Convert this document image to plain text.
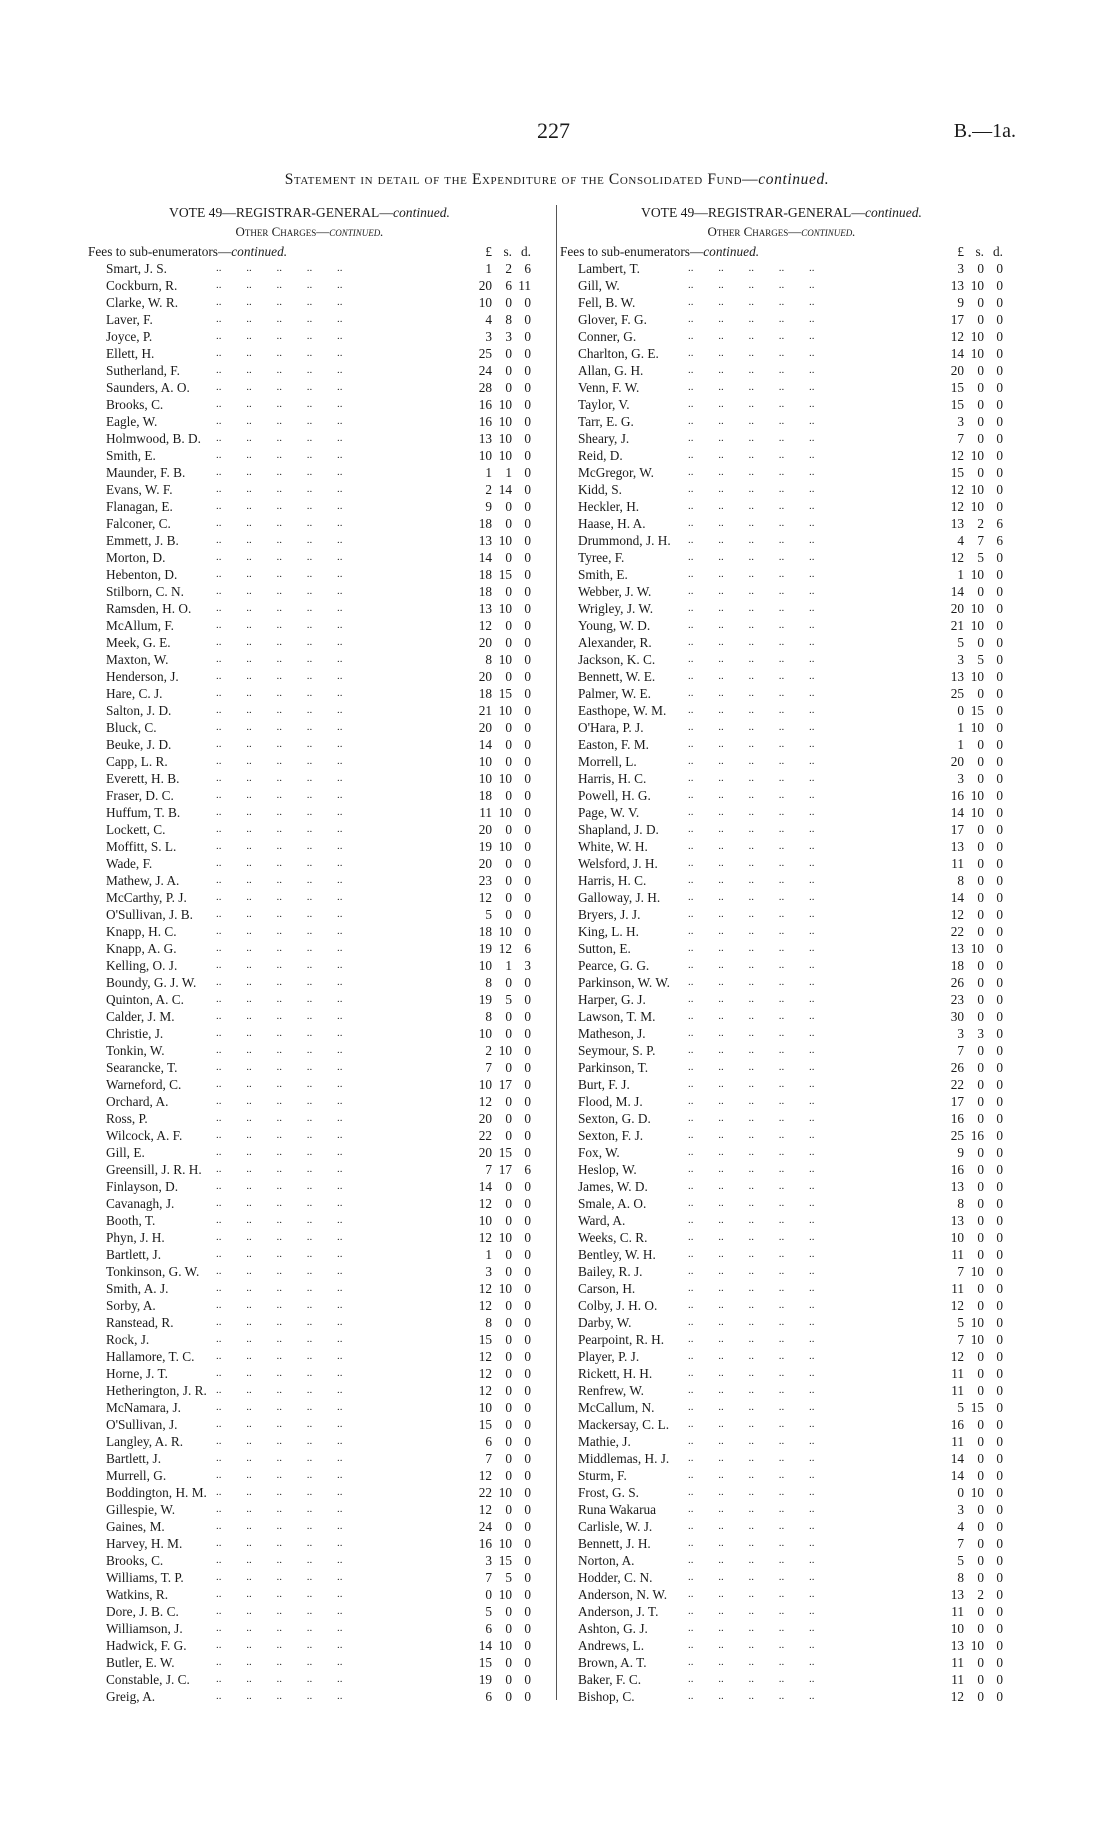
227	B.—1a.
Statement in detail of the Expenditure of the Consolidated Fund—continued.
VOTE 49—REGISTRAR-GENERAL—continued.
Other Charges—continued.
Fees to sub-enumerators—continued.	£ s. d.
Smart, J. S.	..         ..         ..         ..         ..	1	2 6
Cockburn, R.	..         ..         ..         ..         ..	20	6 11
Clarke, W. R.	..         ..         ..         ..         ..	10	0 0
Laver, F.	..         ..         ..         ..         ..	4	8 0
Joyce, P.	..         ..         ..         ..         ..	3	3 0
Ellett, H.	..         ..         ..         ..         ..	25	0 0
Sutherland, F.	..         ..         ..         ..         ..	24	0 0
Saunders, A. O. ..         ..         ..         ..         ..	28	0 0
Brooks, C.	..         ..         ..         ..         ..	16 10 0
Eagle, W.	..         ..         ..         ..         ..	16 10 0
Holmwood, B. D. ..         ..         ..         ..         ..	13 10 0
Smith, E.	..         ..         ..         ..         ..	10 10 0
Maunder, F. B.	..         ..         ..         ..         ..	1	1 0
Evans, W. F.	..         ..         ..         ..         ..	2 14 0
Flanagan, E.	..         ..         ..         ..         ..	9	0 0
Falconer, C.	..         ..         ..         ..         ..	18	0 0
Emmett, J. B.	..         ..         ..         ..         ..	13 10 0
Morton, D.	..         ..         ..         ..         ..	14	0 0
Hebenton, D.	..         ..         ..         ..         ..	18 15 0
Stilborn, C. N.	..         ..         ..         ..         ..	18	0 0
Ramsden, H. O. ..         ..         ..         ..         ..	13 10 0
McAllum, F.	..         ..         ..         ..         ..	12	0 0
Meek, G. E.	..         ..         ..         ..         ..	20	0 0
Maxton, W.	..         ..         ..         ..         ..	8 10 0
Henderson, J.	..         ..         ..         ..         ..	20	0 0
Hare, C. J.	..         ..         ..         ..         ..	18 15 0
Salton, J. D.	..         ..         ..         ..         ..	21 10 0
Bluck, C.	..         ..         ..         ..         ..	20	0 0
Beuke, J. D.	..         ..         ..         ..         ..	14	0 0
Capp, L. R.	..         ..         ..         ..         ..	10	0 0
Everett, H. B.	..         ..         ..         ..         ..	10 10 0
Fraser, D. C.	..         ..         ..         ..         ..	18	0 0
Huffum, T. B.	..         ..         ..         ..         ..	11 10 0
Lockett, C.	..         ..         ..         ..         ..	20	0 0
Moffitt, S. L.	..         ..         ..         ..         ..	19 10 0
Wade, F.	..         ..         ..         ..         ..	20	0 0
Mathew, J. A.	..         ..         ..         ..         ..	23	0 0
McCarthy, P. J.	..         ..         ..         ..         ..	12	0 0
O'Sullivan, J. B. ..         ..         ..         ..         ..	5	0 0
Knapp, H. C.	..         ..         ..         ..         ..	18 10 0
Knapp, A. G.	..         ..         ..         ..         ..	19 12 6
Kelling, O. J.	..         ..         ..         ..         ..	10	1 3
Boundy, G. J. W. ..         ..         ..         ..         ..	8	0 0
Quinton, A. C.	..         ..         ..         ..         ..	19	5 0
Calder, J. M.	..         ..         ..         ..         ..	8	0 0
Christie, J.	..         ..         ..         ..         ..	10	0 0
Tonkin, W.	..         ..         ..         ..         ..	2 10 0
Searancke, T.	..         ..         ..         ..         ..	7	0 0
Warneford, C.	..         ..         ..         ..         ..	10 17 0
Orchard, A.	..         ..         ..         ..         ..	12	0 0
Ross, P.	..         ..         ..         ..         ..	20	0 0
Wilcock, A. F.	..         ..         ..         ..         ..	22	0 0
Gill, E.	..         ..         ..         ..         ..	20 15 0
Greensill, J. R. H. ..         ..         ..         ..         ..	7 17 6
Finlayson, D.	..         ..         ..         ..         ..	14	0 0
Cavanagh, J.	..         ..         ..         ..         ..	12	0 0
Booth, T.	..         ..         ..         ..         ..	10	0 0
Phyn, J. H.	..         ..         ..         ..         ..	12 10 0
Bartlett, J.	..         ..         ..         ..         ..	1	0 0
Tonkinson, G. W. ..         ..         ..         ..         ..	3	0 0
Smith, A. J.	..         ..         ..         ..         ..	12 10 0
Sorby, A.	..         ..         ..         ..         ..	12	0 0
Ranstead, R.	..         ..         ..         ..         ..	8	0 0
Rock, J.	..         ..         ..         ..         ..	15	0 0
Hallamore, T. C. ..         ..         ..         ..         ..	12	0 0
Horne, J. T.	..         ..         ..         ..         ..	12	0 0
Hetherington, J. R. ..         ..         ..         ..         ..	12	0 0
McNamara, J.	..         ..         ..         ..         ..	10	0 0
O'Sullivan, J.	..         ..         ..         ..         ..	15	0 0
Langley, A. R.	..         ..         ..         ..         ..	6	0 0
Bartlett, J.	..         ..         ..         ..         ..	7	0 0
Murrell, G.	..         ..         ..         ..         ..	12	0 0
Boddington, H. M. ..         ..         ..         ..         ..	22 10 0
Gillespie, W.	..         ..         ..         ..         ..	12	0 0
Gaines, M.	..         ..         ..         ..         ..	24	0 0
Harvey, H. M.	..         ..         ..         ..         ..	16 10 0
Brooks, C.	..         ..         ..         ..         ..	3 15 0
Williams, T. P.	..         ..         ..         ..         ..	7	5 0
Watkins, R.	..         ..         ..         ..         ..	0 10 0
Dore, J. B. C.	..         ..         ..         ..         ..	5	0 0
Williamson, J.	..         ..         ..         ..         ..	6	0 0
Hadwick, F. G.	..         ..         ..         ..         ..	14 10 0
Butler, E. W.	..         ..         ..         ..         ..	15	0 0
Constable, J. C. ..         ..         ..         ..         ..	19	0 0
Greig, A.	..         ..         ..         ..         ..	6	0 0
VOTE 49—REGISTRAR-GENERAL—continued.
Other Charges—continued.
Fees to sub-enumerators—continued.	£ s. d.
Lambert, T.	..         ..         ..         ..         ..	3	0 0
Gill, W.	..         ..         ..         ..         ..	13 10 0
Fell, B. W.	..         ..         ..         ..         ..	9	0 0
Glover, F. G.	..         ..         ..         ..         ..	17	0 0
Conner, G.	..         ..         ..         ..         ..	12 10 0
Charlton, G. E.	..         ..         ..         ..         ..	14 10 0
Allan, G. H.	..         ..         ..         ..         ..	20	0 0
Venn, F. W.	..         ..         ..         ..         ..	15	0 0
Taylor, V.	..         ..         ..         ..         ..	15	0 0
Tarr, E. G.	..         ..         ..         ..         ..	3	0 0
Sheary, J.	..         ..         ..         ..         ..	7	0 0
Reid, D.	..         ..         ..         ..         ..	12 10 0
McGregor, W.	..         ..         ..         ..         ..	15	0 0
Kidd, S.	..         ..         ..         ..         ..	12 10 0
Heckler, H.	..         ..         ..         ..         ..	12 10 0
Haase, H. A.	..         ..         ..         ..         ..	13	2 6
Drummond, J. H. ..         ..         ..         ..         ..	4	7 6
Tyree, F.	..         ..         ..         ..         ..	12	5 0
Smith, E.	..         ..         ..         ..         ..	1 10 0
Webber, J. W.	..         ..         ..         ..         ..	14	0 0
Wrigley, J. W.	..         ..         ..         ..         ..	20 10 0
Young, W. D.	..         ..         ..         ..         ..	21 10 0
Alexander, R.	..         ..         ..         ..         ..	5	0 0
Jackson, K. C.	..         ..         ..         ..         ..	3	5 0
Bennett, W. E.	..         ..         ..         ..         ..	13 10 0
Palmer, W. E.	..         ..         ..         ..         ..	25	0 0
Easthope, W. M. ..         ..         ..         ..         ..	0 15 0
O'Hara, P. J.	..         ..         ..         ..         ..	1 10 0
Easton, F. M.	..         ..         ..         ..         ..	1	0 0
Morrell, L.	..         ..         ..         ..         ..	20	0 0
Harris, H. C.	..         ..         ..         ..         ..	3	0 0
Powell, H. G.	..         ..         ..         ..         ..	16 10 0
Page, W. V.	..         ..         ..         ..         ..	14 10 0
Shapland, J. D.	..         ..         ..         ..         ..	17	0 0
White, W. H.	..         ..         ..         ..         ..	13	0 0
Welsford, J. H.	..         ..         ..         ..         ..	11	0 0
Harris, H. C.	..         ..         ..         ..         ..	8	0 0
Galloway, J. H.	..         ..         ..         ..         ..	14	0 0
Bryers, J. J.	..         ..         ..         ..         ..	12	0 0
King, L. H.	..         ..         ..         ..         ..	22	0 0
Sutton, E.	..         ..         ..         ..         ..	13 10 0
Pearce, G. G.	..         ..         ..         ..         ..	18	0 0
Parkinson, W. W. ..         ..         ..         ..         ..	26	0 0
Harper, G. J.	..         ..         ..         ..         ..	23	0 0
Lawson, T. M.	..         ..         ..         ..         ..	30	0 0
Matheson, J.	..         ..         ..         ..         ..	3	3 0
Seymour, S. P.	..         ..         ..         ..         ..	7	0 0
Parkinson, T.	..         ..         ..         ..         ..	26	0 0
Burt, F. J.	..         ..         ..         ..         ..	22	0 0
Flood, M. J.	..         ..         ..         ..         ..	17	0 0
Sexton, G. D.	..         ..         ..         ..         ..	16	0 0
Sexton, F. J.	..         ..         ..         ..         ..	25 16 0
Fox, W.	..         ..         ..         ..         ..	9	0 0
Heslop, W.	..         ..         ..         ..         ..	16	0 0
James, W. D.	..         ..         ..         ..         ..	13	0 0
Smale, A. O.	..         ..         ..         ..         ..	8	0 0
Ward, A.	..         ..         ..         ..         ..	13	0 0
Weeks, C. R.	..         ..         ..         ..         ..	10	0 0
Bentley, W. H.	..         ..         ..         ..         ..	11	0 0
Bailey, R. J.	..         ..         ..         ..         ..	7 10 0
Carson, H.	..         ..         ..         ..         ..	11	0 0
Colby, J. H. O.	..         ..         ..         ..         ..	12	0 0
Darby, W.	..         ..         ..         ..         ..	5 10 0
Pearpoint, R. H. ..         ..         ..         ..         ..	7 10 0
Player, P. J.	..         ..         ..         ..         ..	12	0 0
Rickett, H. H.	..         ..         ..         ..         ..	11	0 0
Renfrew, W.	..         ..         ..         ..         ..	11	0 0
McCallum, N.	..         ..         ..         ..         ..	5 15 0
Mackersay, C. L. ..         ..         ..         ..         ..	16	0 0
Mathie, J.	..         ..         ..         ..         ..	11	0 0
Middlemas, H. J. ..         ..         ..         ..         ..	14	0 0
Sturm, F.	..         ..         ..         ..         ..	14	0 0
Frost, G. S.	..         ..         ..         ..         ..	0 10 0
Runa Wakarua	..         ..         ..         ..         ..	3	0 0
Carlisle, W. J.	..         ..         ..         ..         ..	4	0 0
Bennett, J. H.	..         ..         ..         ..         ..	7	0 0
Norton, A.	..         ..         ..         ..         ..	5	0 0
Hodder, C. N.	..         ..         ..         ..         ..	8	0 0
Anderson, N. W. ..         ..         ..         ..         ..	13	2 0
Anderson, J. T.	..         ..         ..         ..         ..	11	0 0
Ashton, G. J.	..         ..         ..         ..         ..	10	0 0
Andrews, L.	..         ..         ..         ..         ..	13 10 0
Brown, A. T.	..         ..         ..         ..         ..	11	0 0
Baker, F. C.	..         ..         ..         ..         ..	11	0 0
Bishop, C.	..         ..         ..         ..         ..	12	0 0
